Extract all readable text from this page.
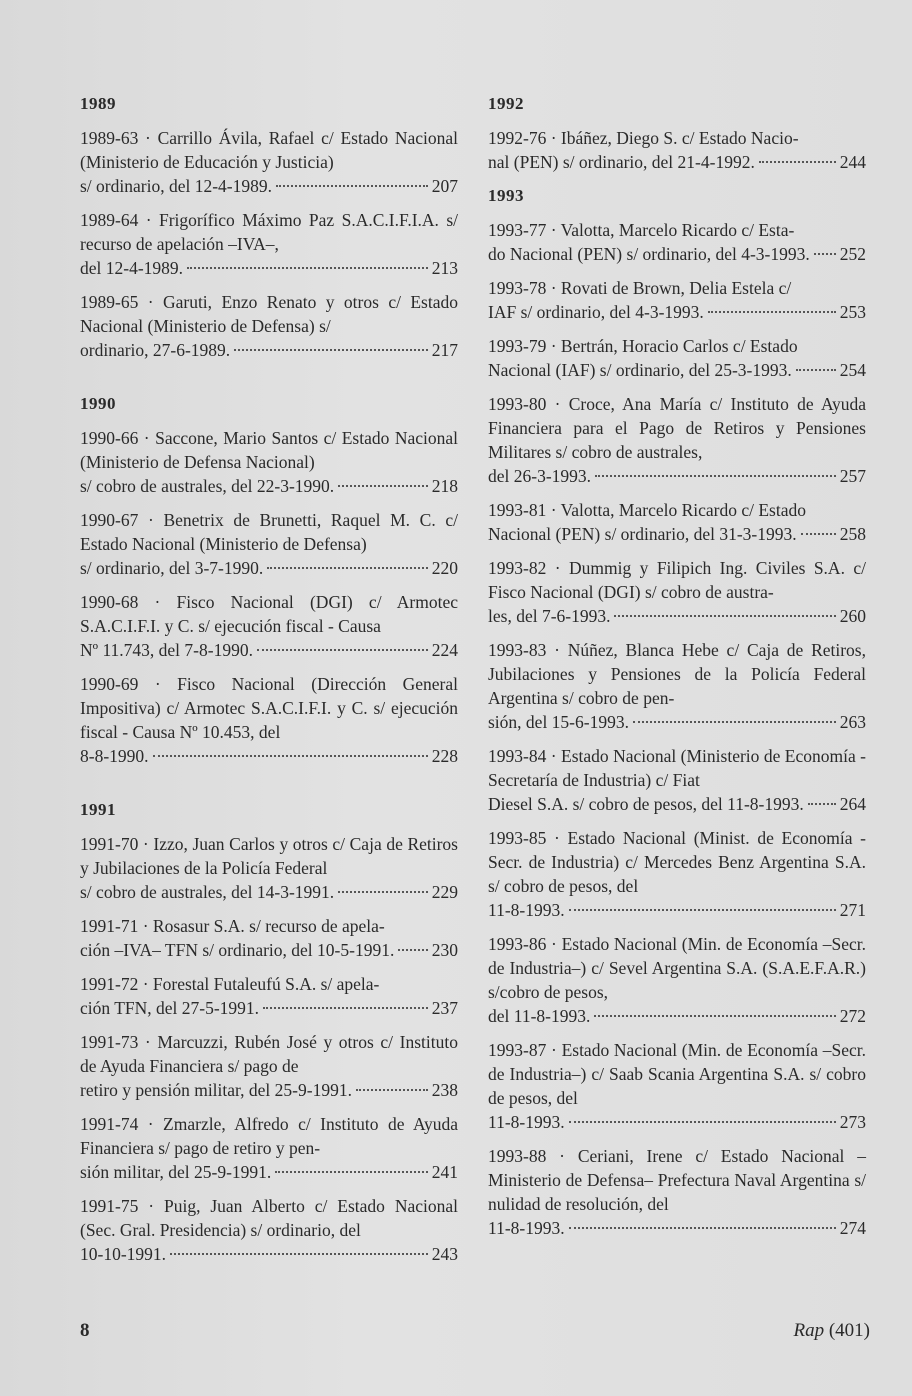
1989
1989-63 · Carrillo Ávila, Rafael c/ Estado Nacional (Ministerio de Educación y Justicia)
s/ ordinario, del 12-4-1989.	207
1989-64 · Frigorífico Máximo Paz S.A.C.I.F.I.A. s/ recurso de apelación –IVA–,
del 12-4-1989.	213
1989-65 · Garuti, Enzo Renato y otros c/ Estado Nacional (Ministerio de Defensa) s/
ordinario, 27-6-1989.	217
1990
1990-66 · Saccone, Mario Santos c/ Estado Nacional (Ministerio de Defensa Nacional)
s/ cobro de australes, del 22-3-1990.	218
1990-67 · Benetrix de Brunetti, Raquel M. C. c/ Estado Nacional (Ministerio de Defensa)
s/ ordinario, del 3-7-1990.	220
1990-68 · Fisco Nacional (DGI) c/ Armotec S.A.C.I.F.I. y C. s/ ejecución fiscal - Causa
Nº 11.743, del 7-8-1990.	224
1990-69 · Fisco Nacional (Dirección General Impositiva) c/ Armotec S.A.C.I.F.I. y C. s/ ejecución fiscal - Causa Nº 10.453, del
8-8-1990.	228
1991
1991-70 · Izzo, Juan Carlos y otros c/ Caja de Retiros y Jubilaciones de la Policía Federal
s/ cobro de australes, del 14-3-1991.	229
1991-71 · Rosasur S.A. s/ recurso de apela-
ción –IVA– TFN s/ ordinario, del 10-5-1991. 230
1991-72 · Forestal Futaleufú S.A. s/ apela-
ción TFN, del 27-5-1991.	237
1991-73 · Marcuzzi, Rubén José y otros c/ Instituto de Ayuda Financiera s/ pago de
retiro y pensión militar, del 25-9-1991.	238
1991-74 · Zmarzle, Alfredo c/ Instituto de Ayuda Financiera s/ pago de retiro y pen-
sión militar, del 25-9-1991.	241
1991-75 · Puig, Juan Alberto c/ Estado Nacional (Sec. Gral. Presidencia) s/ ordinario, del
10-10-1991.	243
1992
1992-76 · Ibáñez, Diego S. c/ Estado Nacio-
nal (PEN) s/ ordinario, del 21-4-1992.	244
1993
1993-77 · Valotta, Marcelo Ricardo c/ Esta-
do Nacional (PEN) s/ ordinario, del 4-3-1993. 252
1993-78 · Rovati de Brown, Delia Estela c/
IAF s/ ordinario, del 4-3-1993.	253
1993-79 · Bertrán, Horacio Carlos c/ Estado
Nacional (IAF) s/ ordinario, del 25-3-1993.	254
1993-80 · Croce, Ana María c/ Instituto de Ayuda Financiera para el Pago de Retiros y Pensiones Militares s/ cobro de australes,
del 26-3-1993.	257
1993-81 · Valotta, Marcelo Ricardo c/ Estado
Nacional (PEN) s/ ordinario, del 31-3-1993. 258
1993-82 · Dummig y Filipich Ing. Civiles S.A. c/ Fisco Nacional (DGI) s/ cobro de austra-
les, del 7-6-1993.	260
1993-83 · Núñez, Blanca Hebe c/ Caja de Retiros, Jubilaciones y Pensiones de la Policía Federal Argentina s/ cobro de pen-
sión, del 15-6-1993.	263
1993-84 · Estado Nacional (Ministerio de Economía - Secretaría de Industria) c/ Fiat
Diesel S.A. s/ cobro de pesos, del 11-8-1993. 264
1993-85 · Estado Nacional (Minist. de Economía - Secr. de Industria) c/ Mercedes Benz Argentina S.A. s/ cobro de pesos, del
11-8-1993.	271
1993-86 · Estado Nacional (Min. de Economía –Secr. de Industria–) c/ Sevel Argentina S.A. (S.A.E.F.A.R.) s/cobro de pesos,
del 11-8-1993.	272
1993-87 · Estado Nacional (Min. de Economía –Secr. de Industria–) c/ Saab Scania Argentina S.A. s/ cobro de pesos, del
11-8-1993.	273
1993-88 · Ceriani, Irene c/ Estado Nacional –Ministerio de Defensa– Prefectura Naval Argentina s/ nulidad de resolución, del
11-8-1993.	274
8	Rap (401)
